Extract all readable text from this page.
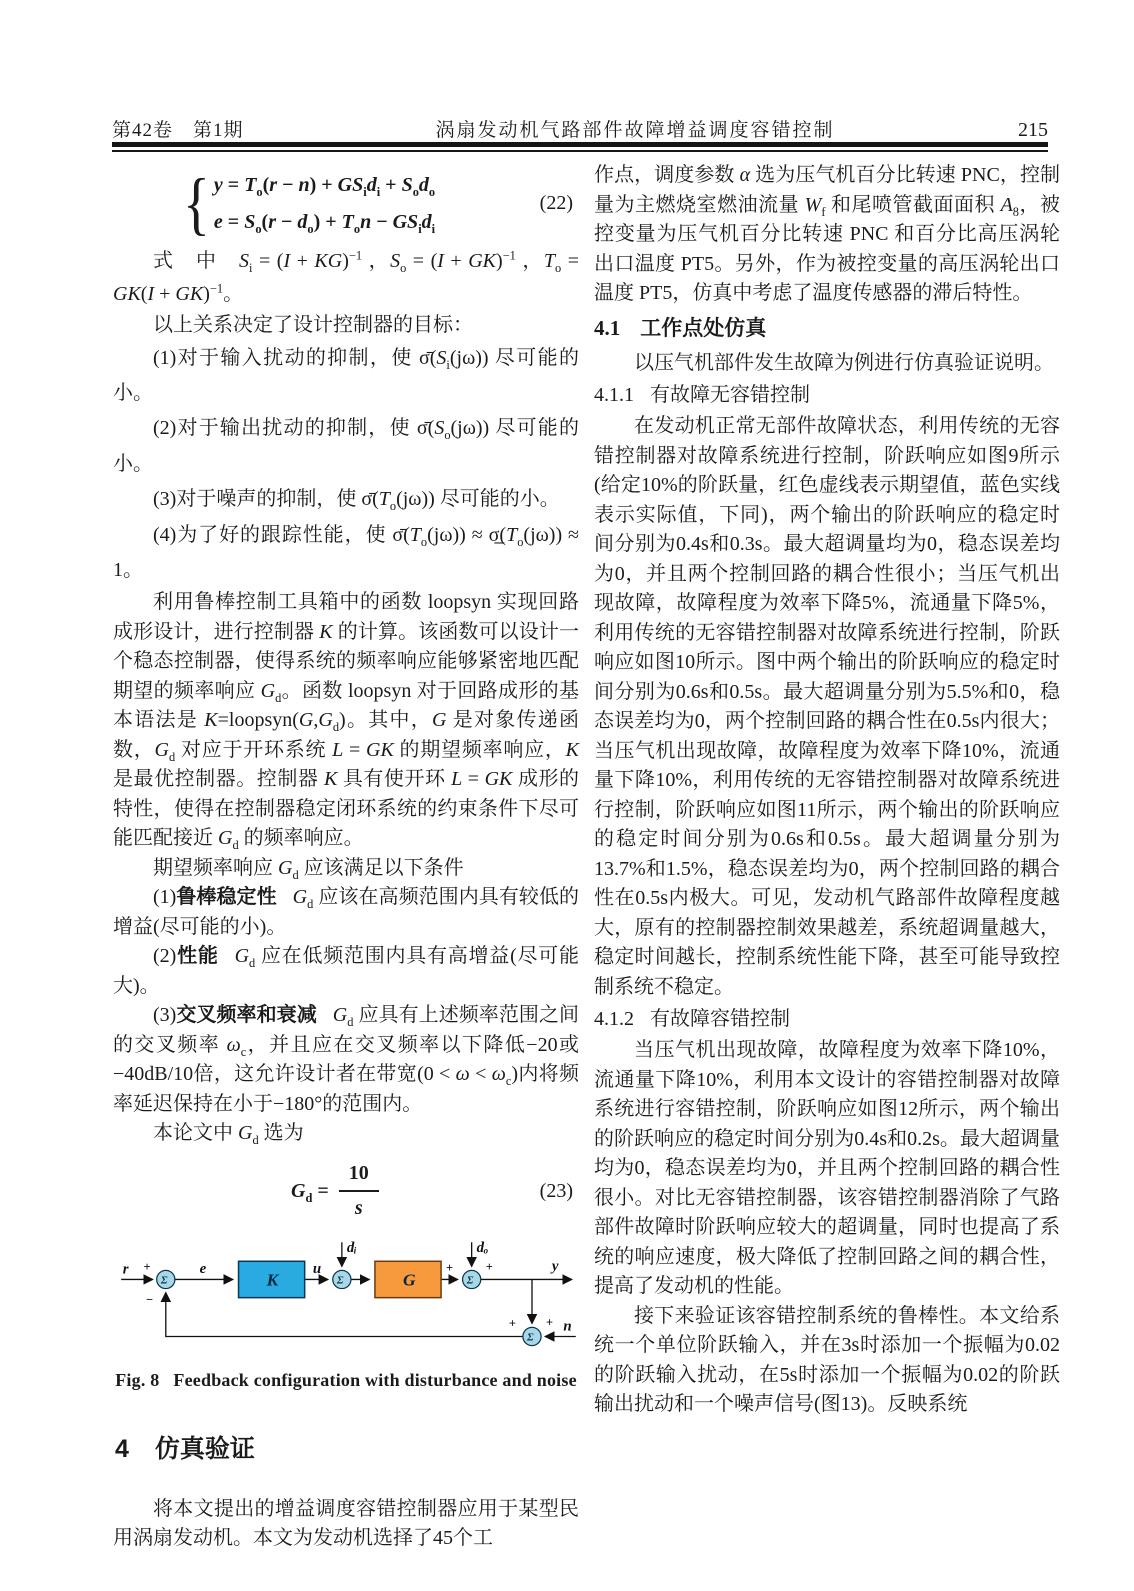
第42卷　第1期	涡扇发动机气路部件故障增益调度容错控制	215
{ $y = T_o(r - n) + GS_id_i + S_od_o$
$e = S_o(r - d_o) + T_on - GS_id_i$
(22)

式　中　$S_i = (I + KG)^{-1}$ ，$S_o = (I + GK)^{-1}$ ，$T_o = GK(I + GK)^{-1}$。

以上关系决定了设计控制器的目标：

(1)对于输入扰动的抑制，使 $\sigmā(S_i(j\omega))$ 尽可能的小。

(2)对于输出扰动的抑制，使 $\sigmā(S_o(j\omega))$ 尽可能的小。

(3)对于噪声的抑制，使 $\sigmā(T_o(j\omega))$ 尽可能的小。

(4)为了好的跟踪性能，使 $\sigmā(T_o(j\omega))$ ≈ $\sigma̲(T_o(j\omega)) \approx 1$。

利用鲁棒控制工具箱中的函数 loopsyn 实现回路成形设计，进行控制器 K 的计算。该函数可以设计一个稳态控制器，使得系统的频率响应能够紧密地匹配期望的频率响应 $G_d$。函数 loopsyn 对于回路成形的基本语法是 $K=loopsyn(G,G_d)$。其中，G 是对象传递函数，$G_d$ 对应于开环系统 L = GK 的期望频率响应，K 是最优控制器。控制器 K 具有使开环 L = GK 成形的特性，使得在控制器稳定闭环系统的约束条件下尽可能匹配接近 $G_d$ 的频率响应。

期望频率响应 $G_d$ 应该满足以下条件

(1)鲁棒稳定性 $G_d$ 应该在高频范围内具有较低的增益(尽可能的小)。

(2)性能 $G_d$ 应在低频范围内具有高增益(尽可能大)。

(3)交叉频率和衰减 $G_d$ 应具有上述频率范围之间的交叉频率 $\omega_c$，并且应在交叉频率以下降低−20或−40dB/10倍，这允许设计者在带宽$(0 < \omega < \omega_c)$内将频率延迟保持在小于−180°的范围内。

本论文中 $G_d$ 选为

$G_d = \frac{10}{s}$	(23)
Σ	Σ	Σ
Σ
r	e	u	y
n
dᵢ	dₒ
K	G
+
−
+ +
+ +
Fig. 8 Feedback configuration with disturbance and noise
4 仿真验证

将本文提出的增益调度容错控制器应用于某型民用涡扇发动机。本文为发动机选择了45个工

作点，调度参数 α 选为压气机百分比转速 PNC，控制量为主燃烧室燃油流量 $W_f$ 和尾喷管截面面积 $A_8$，被控变量为压气机百分比转速 PNC 和百分比高压涡轮出口温度 PT5。另外，作为被控变量的高压涡轮出口温度 PT5，仿真中考虑了温度传感器的滞后特性。

4.1 工作点处仿真

以压气机部件发生故障为例进行仿真验证说明。

4.1.1 有故障无容错控制

在发动机正常无部件故障状态，利用传统的无容错控制器对故障系统进行控制，阶跃响应如图9所示(给定10%的阶跃量，红色虚线表示期望值，蓝色实线表示实际值，下同)，两个输出的阶跃响应的稳定时间分别为0.4s和0.3s。最大超调量均为0，稳态误差均为0，并且两个控制回路的耦合性很小；当压气机出现故障，故障程度为效率下降5%，流通量下降5%，利用传统的无容错控制器对故障系统进行控制，阶跃响应如图10所示。图中两个输出的阶跃响应的稳定时间分别为0.6s和0.5s。最大超调量分别为5.5%和0，稳态误差均为0，两个控制回路的耦合性在0.5s内很大；当压气机出现故障，故障程度为效率下降10%，流通量下降10%，利用传统的无容错控制器对故障系统进行控制，阶跃响应如图11所示，两个输出的阶跃响应的稳定时间分别为0.6s和0.5s。最大超调量分别为13.7%和1.5%，稳态误差均为0，两个控制回路的耦合性在0.5s内极大。可见，发动机气路部件故障程度越大，原有的控制器控制效果越差，系统超调量越大，稳定时间越长，控制系统性能下降，甚至可能导致控制系统不稳定。

4.1.2 有故障容错控制

当压气机出现故障，故障程度为效率下降10%，流通量下降10%，利用本文设计的容错控制器对故障系统进行容错控制，阶跃响应如图12所示，两个输出的阶跃响应的稳定时间分别为0.4s和0.2s。最大超调量均为0，稳态误差均为0，并且两个控制回路的耦合性很小。对比无容错控制器，该容错控制器消除了气路部件故障时阶跃响应较大的超调量，同时也提高了系统的响应速度，极大降低了控制回路之间的耦合性，提高了发动机的性能。

接下来验证该容错控制系统的鲁棒性。本文给系统一个单位阶跃输入，并在3s时添加一个振幅为0.02的阶跃输入扰动，在5s时添加一个振幅为0.02的阶跃输出扰动和一个噪声信号(图13)。反映系统
